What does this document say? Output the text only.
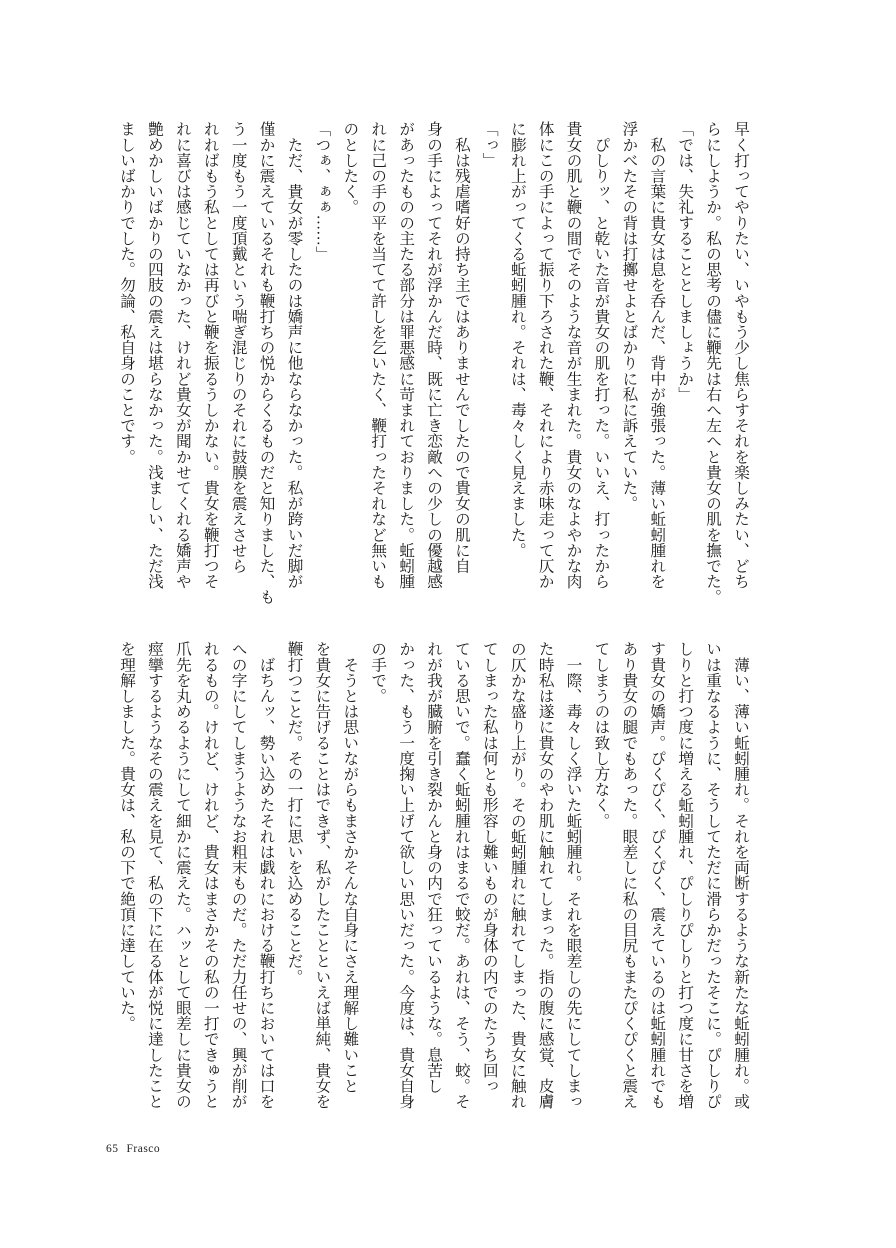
早く打ってやりたい、いやもう少し焦らすそれを楽しみたい、どち
らにしようか。私の思考の儘に鞭先は右へ左へと貴女の肌を撫でた。
「では、失礼することとしましょうか」
　私の言葉に貴女は息を呑んだ、背中が強張った。薄い蚯蚓腫れを
浮かべたその背は打擲せよとばかりに私に訴えていた。
　ぴしりッ、と乾いた音が貴女の肌を打った。いいえ、打ったから
貴女の肌と鞭の間でそのような音が生まれた。貴女のなよやかな肉
体にこの手によって振り下ろされた鞭、それにより赤味走って仄か
に膨れ上がってくる蚯蚓腫れ。それは、毒々しく見えました。
「っ」
　私は残虐嗜好の持ち主ではありませんでしたので貴女の肌に自
身の手によってそれが浮かんだ時、既に亡き恋敵への少しの優越感
があったものの主たる部分は罪悪感に苛まれておりました。蚯蚓腫
れに己の手の平を当てて許しを乞いたく、鞭打ったそれなど無いも
のとしたく。
「つぁ、ぁぁ……」
　ただ、貴女が零したのは嬌声に他ならなかった。私が跨いだ脚が
僅かに震えているそれも鞭打ちの悦からくるものだと知りました、も
う一度もう一度頂戴という喘ぎ混じりのそれに鼓膜を震えさせら
れればもう私としては再びと鞭を振るうしかない。貴女を鞭打つそ
れに喜びは感じていなかった、けれど貴女が聞かせてくれる嬌声や
艶めかしいばかりの四肢の震えは堪らなかった。浅ましい、ただ浅
ましいばかりでした。勿論、私自身のことです。
　薄い、薄い蚯蚓腫れ。それを両断するような新たな蚯蚓腫れ。或
いは重なるように、そうしてただに滑らかだったそこに。ぴしりぴ
しりと打つ度に増える蚯蚓腫れ、ぴしりぴしりと打つ度に甘さを増
す貴女の嬌声。ぴくぴく、ぴくぴく、震えているのは蚯蚓腫れでも
あり貴女の腿でもあった。眼差しに私の目尻もまたぴくぴくと震え
てしまうのは致し方なく。
　一際、毒々しく浮いた蚯蚓腫れ。それを眼差しの先にしてしまっ
た時私は遂に貴女のやわ肌に触れてしまった。指の腹に感覚、皮膚
の仄かな盛り上がり。その蚯蚓腫れに触れてしまった、貴女に触れ
てしまった私は何とも形容し難いものが身体の内でのたうち回っ
ている思いで。蠢く蚯蚓腫れはまるで蛟だ。あれは、そう、蛟。そ
れが我が臓腑を引き裂かんと身の内で狂っているような。息苦し
かった、もう一度掬い上げて欲しい思いだった。今度は、貴女自身
の手で。
　そうとは思いながらもまさかそんな自身にさえ理解し難いこと
を貴女に告げることはできず、私がしたことといえば単純、貴女を
鞭打つことだ。その一打に思いを込めることだ。
　ばちんッ、勢い込めたそれは戯れにおける鞭打ちにおいては口を
への字にしてしまうようなお粗末ものだ。ただ力任せの、興が削が
れるもの。けれど、けれど、貴女はまさかその私の一打できゅうと
爪先を丸めるようにして細かに震えた。ハッとして眼差しに貴女の
痙攣するようなその震えを見て、私の下に在る体が悦に達したこと
を理解しました。貴女は、私の下で絶頂に達していた。
65 Frasco
